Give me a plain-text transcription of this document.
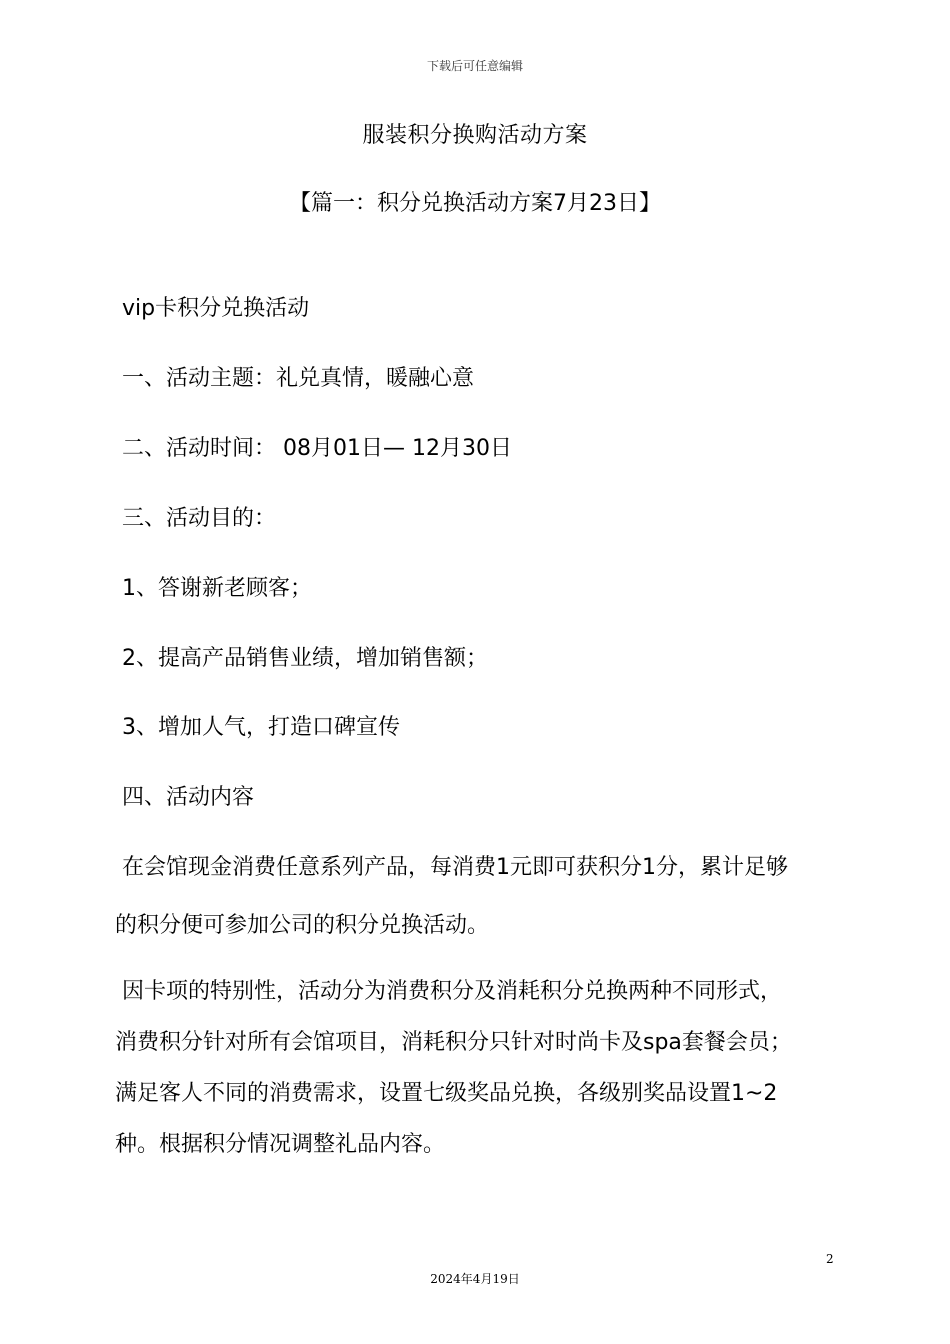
下载后可任意编辑
服装积分换购活动方案
【篇一：积分兑换活动方案7月23日】
vip卡积分兑换活动
一、活动主题：礼兑真情，暖融心意
二、活动时间： 08月01日— 12月30日
三、活动目的：
1、答谢新老顾客；
2、提高产品销售业绩，增加销售额；
3、增加人气，打造口碑宣传
四、活动内容
在会馆现金消费任意系列产品，每消费1元即可获积分1分，累计足够
的积分便可参加公司的积分兑换活动。
因卡项的特别性，活动分为消费积分及消耗积分兑换两种不同形式，
消费积分针对所有会馆项目，消耗积分只针对时尚卡及spa套餐会员；
满足客人不同的消费需求，设置七级奖品兑换，各级别奖品设置1~2
种。根据积分情况调整礼品内容。
2
2024年4月19日
